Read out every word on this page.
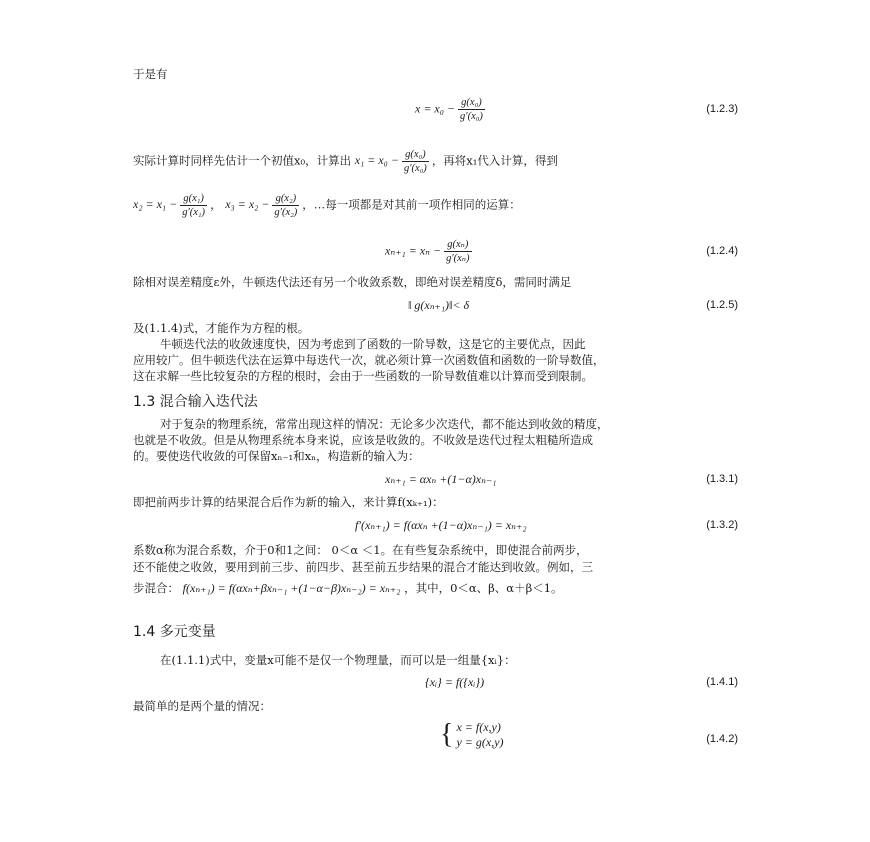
于是有
$x = x_0 - \frac{\text{g(x₀)}}{\text{g′(x₀)}}$	(1.2.3)
实际计算时同样先估计一个初值x₀，计算出 $x_1 = x_0 - \frac{\text{g(x₀)}}{\text{g′(x₀)}}$ ，再将x₁代入计算，得到
$x_2 = x_1 - \frac{\text{g(x₁)}}{\text{g′(x₁)}}$ ， $x_3 = x_2 - \frac{\text{g(x₂)}}{\text{g′(x₂)}}$ ，…每一项都是对其前一项作相同的运算：
$x_{n+1} = x_n - \frac{\text{g(xₙ)}}{\text{g′(xₙ)}}$	(1.2.4)
除相对误差精度ε外，牛顿迭代法还有另一个收敛系数，即绝对误差精度δ，需同时满足
‖ g(xₙ₊₁)‖< δ	(1.2.5)
及(1.1.4)式，才能作为方程的根。
牛顿迭代法的收敛速度快，因为考虑到了函数的一阶导数，这是它的主要优点，因此
应用较广。但牛顿迭代法在运算中每迭代一次，就必须计算一次函数值和函数的一阶导数值，
这在求解一些比较复杂的方程的根时，会由于一些函数的一阶导数值难以计算而受到限制。
1.3 混合输入迭代法
对于复杂的物理系统，常常出现这样的情况：无论多少次迭代，都不能达到收敛的精度，
也就是不收敛。但是从物理系统本身来说，应该是收敛的。不收敛是迭代过程太粗糙所造成
的。要使迭代收敛的可保留xₙ₋₁和xₙ，构造新的输入为：
xₙ₊₁ = αxₙ +(1−α)xₙ₋₁	(1.3.1)
即把前两步计算的结果混合后作为新的输入，来计算f(xₖ₊₁)：
f′(xₙ₊₁) = f(αxₙ +(1−α)xₙ₋₁) = xₙ₊₂	(1.3.2)
系数α称为混合系数，介于0和1之间： 0＜α ＜1。在有些复杂系统中，即使混合前两步，
还不能使之收敛，要用到前三步、前四步、甚至前五步结果的混合才能达到收敛。例如，三
步混合： f(xₙ₊₁) = f(αxₙ+βxₙ₋₁ +(1−α−β)xₙ₋₂) = xₙ₊₂ ，其中，0＜α、β、α＋β＜1。
1.4 多元变量
在(1.1.1)式中，变量x可能不是仅一个物理量，而可以是一组量{xᵢ}：
{xᵢ} = f({xᵢ})	(1.4.1)
最简单的是两个量的情况：
{ x = f(x,y)
y = g(x,y)	(1.4.2)
